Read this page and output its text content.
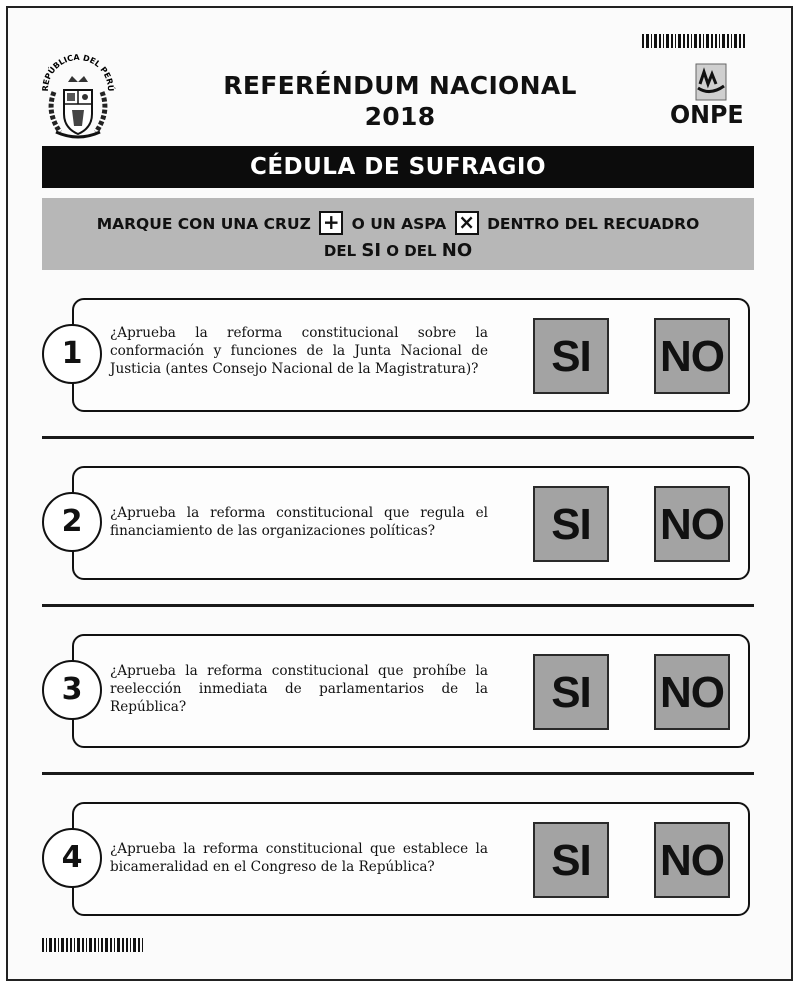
REPÚBLICA DEL PERÚ	REFERÉNDUM NACIONAL
2018	ONPE
CÉDULA DE SUFRAGIO
MARQUE CON UNA CRUZ + O UN ASPA × DENTRO DEL RECUADRO
DEL SI O DEL NO
¿Aprueba la reforma constitucional sobre la conformación y funciones de la Junta Nacional de Justicia (antes Consejo Nacional de la Magistratura)?	SI	NO
1
¿Aprueba la reforma constitucional que regula el financiamiento de las organizaciones políticas?	SI	NO
2
¿Aprueba la reforma constitucional que prohíbe la reelección inmediata de parlamentarios de la República?	SI	NO
3
¿Aprueba la reforma constitucional que establece la bicameralidad en el Congreso de la República?	SI	NO
4
